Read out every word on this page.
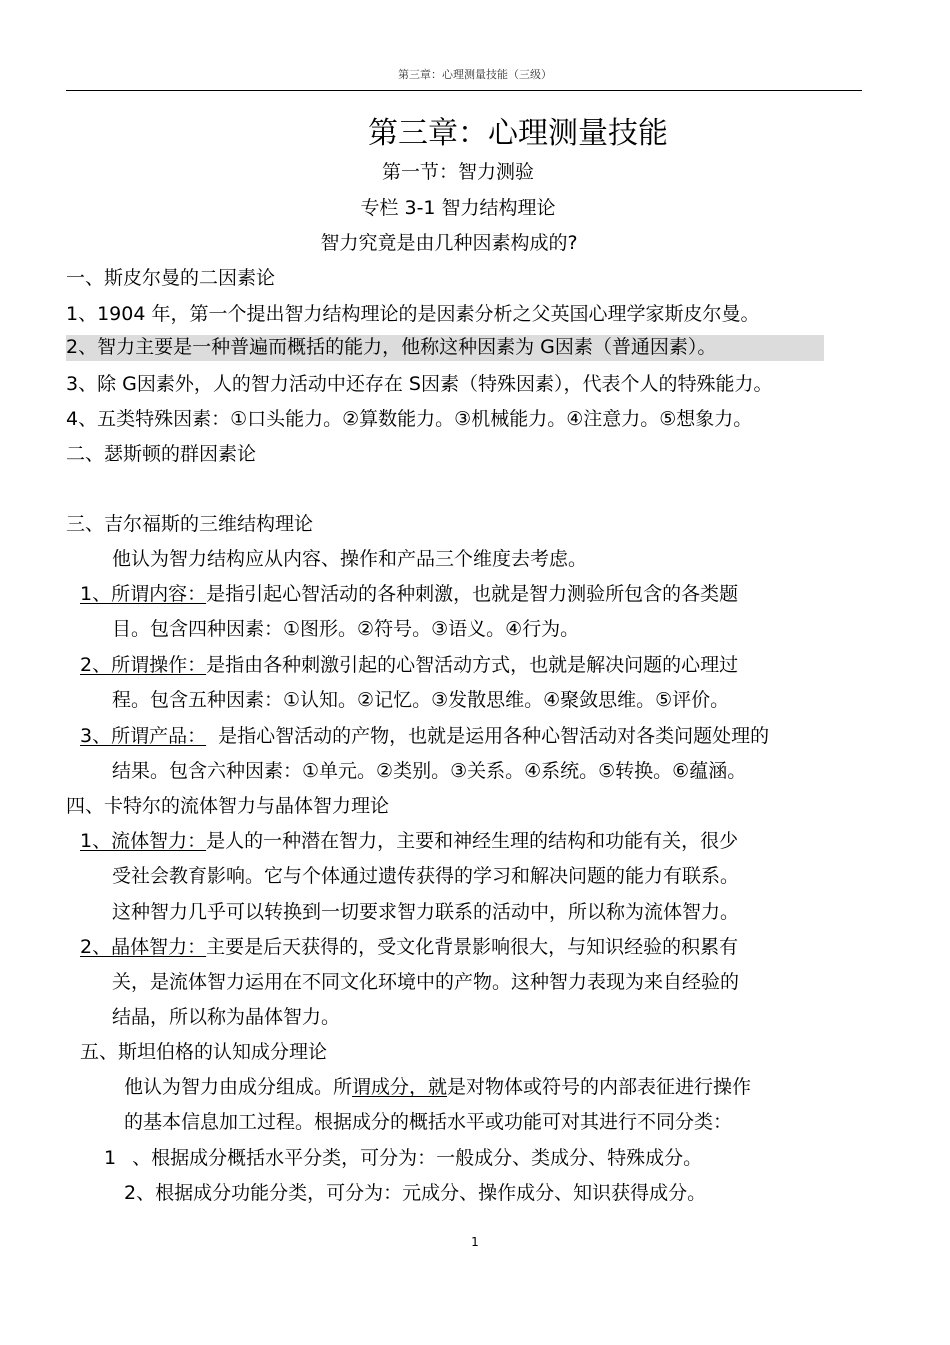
第三章：心理测量技能（三级）
第三章：心理测量技能
第一节：智力测验
专栏 3-1 智力结构理论
智力究竟是由几种因素构成的?
一、斯皮尔曼的二因素论
1、1904 年，第一个提出智力结构理论的是因素分析之父英国心理学家斯皮尔曼。
2、智力主要是一种普遍而概括的能力，他称这种因素为 G因素（普通因素）。
3、除 G因素外，人的智力活动中还存在 S因素（特殊因素），代表个人的特殊能力。
4、五类特殊因素：①口头能力。②算数能力。③机械能力。④注意力。⑤想象力。
二、瑟斯顿的群因素论
三、吉尔福斯的三维结构理论
他认为智力结构应从内容、操作和产品三个维度去考虑。
1、所谓内容：是指引起心智活动的各种刺激，也就是智力测验所包含的各类题
目。包含四种因素：①图形。②符号。③语义。④行为。
2、所谓操作：是指由各种刺激引起的心智活动方式，也就是解决问题的心理过
程。包含五种因素：①认知。②记忆。③发散思维。④聚敛思维。⑤评价。
3、所谓产品：  是指心智活动的产物，也就是运用各种心智活动对各类问题处理的
结果。包含六种因素：①单元。②类别。③关系。④系统。⑤转换。⑥蕴涵。
四、卡特尔的流体智力与晶体智力理论
1、流体智力：是人的一种潜在智力，主要和神经生理的结构和功能有关，很少
受社会教育影响。它与个体通过遗传获得的学习和解决问题的能力有联系。
这种智力几乎可以转换到一切要求智力联系的活动中，所以称为流体智力。
2、晶体智力：主要是后天获得的，受文化背景影响很大，与知识经验的积累有
关，是流体智力运用在不同文化环境中的产物。这种智力表现为来自经验的
结晶，所以称为晶体智力。
五、斯坦伯格的认知成分理论
他认为智力由成分组成。所谓成分，就是对物体或符号的内部表征进行操作
的基本信息加工过程。根据成分的概括水平或功能可对其进行不同分类：
1 、根据成分概括水平分类，可分为：一般成分、类成分、特殊成分。
2、根据成分功能分类，可分为：元成分、操作成分、知识获得成分。
1
